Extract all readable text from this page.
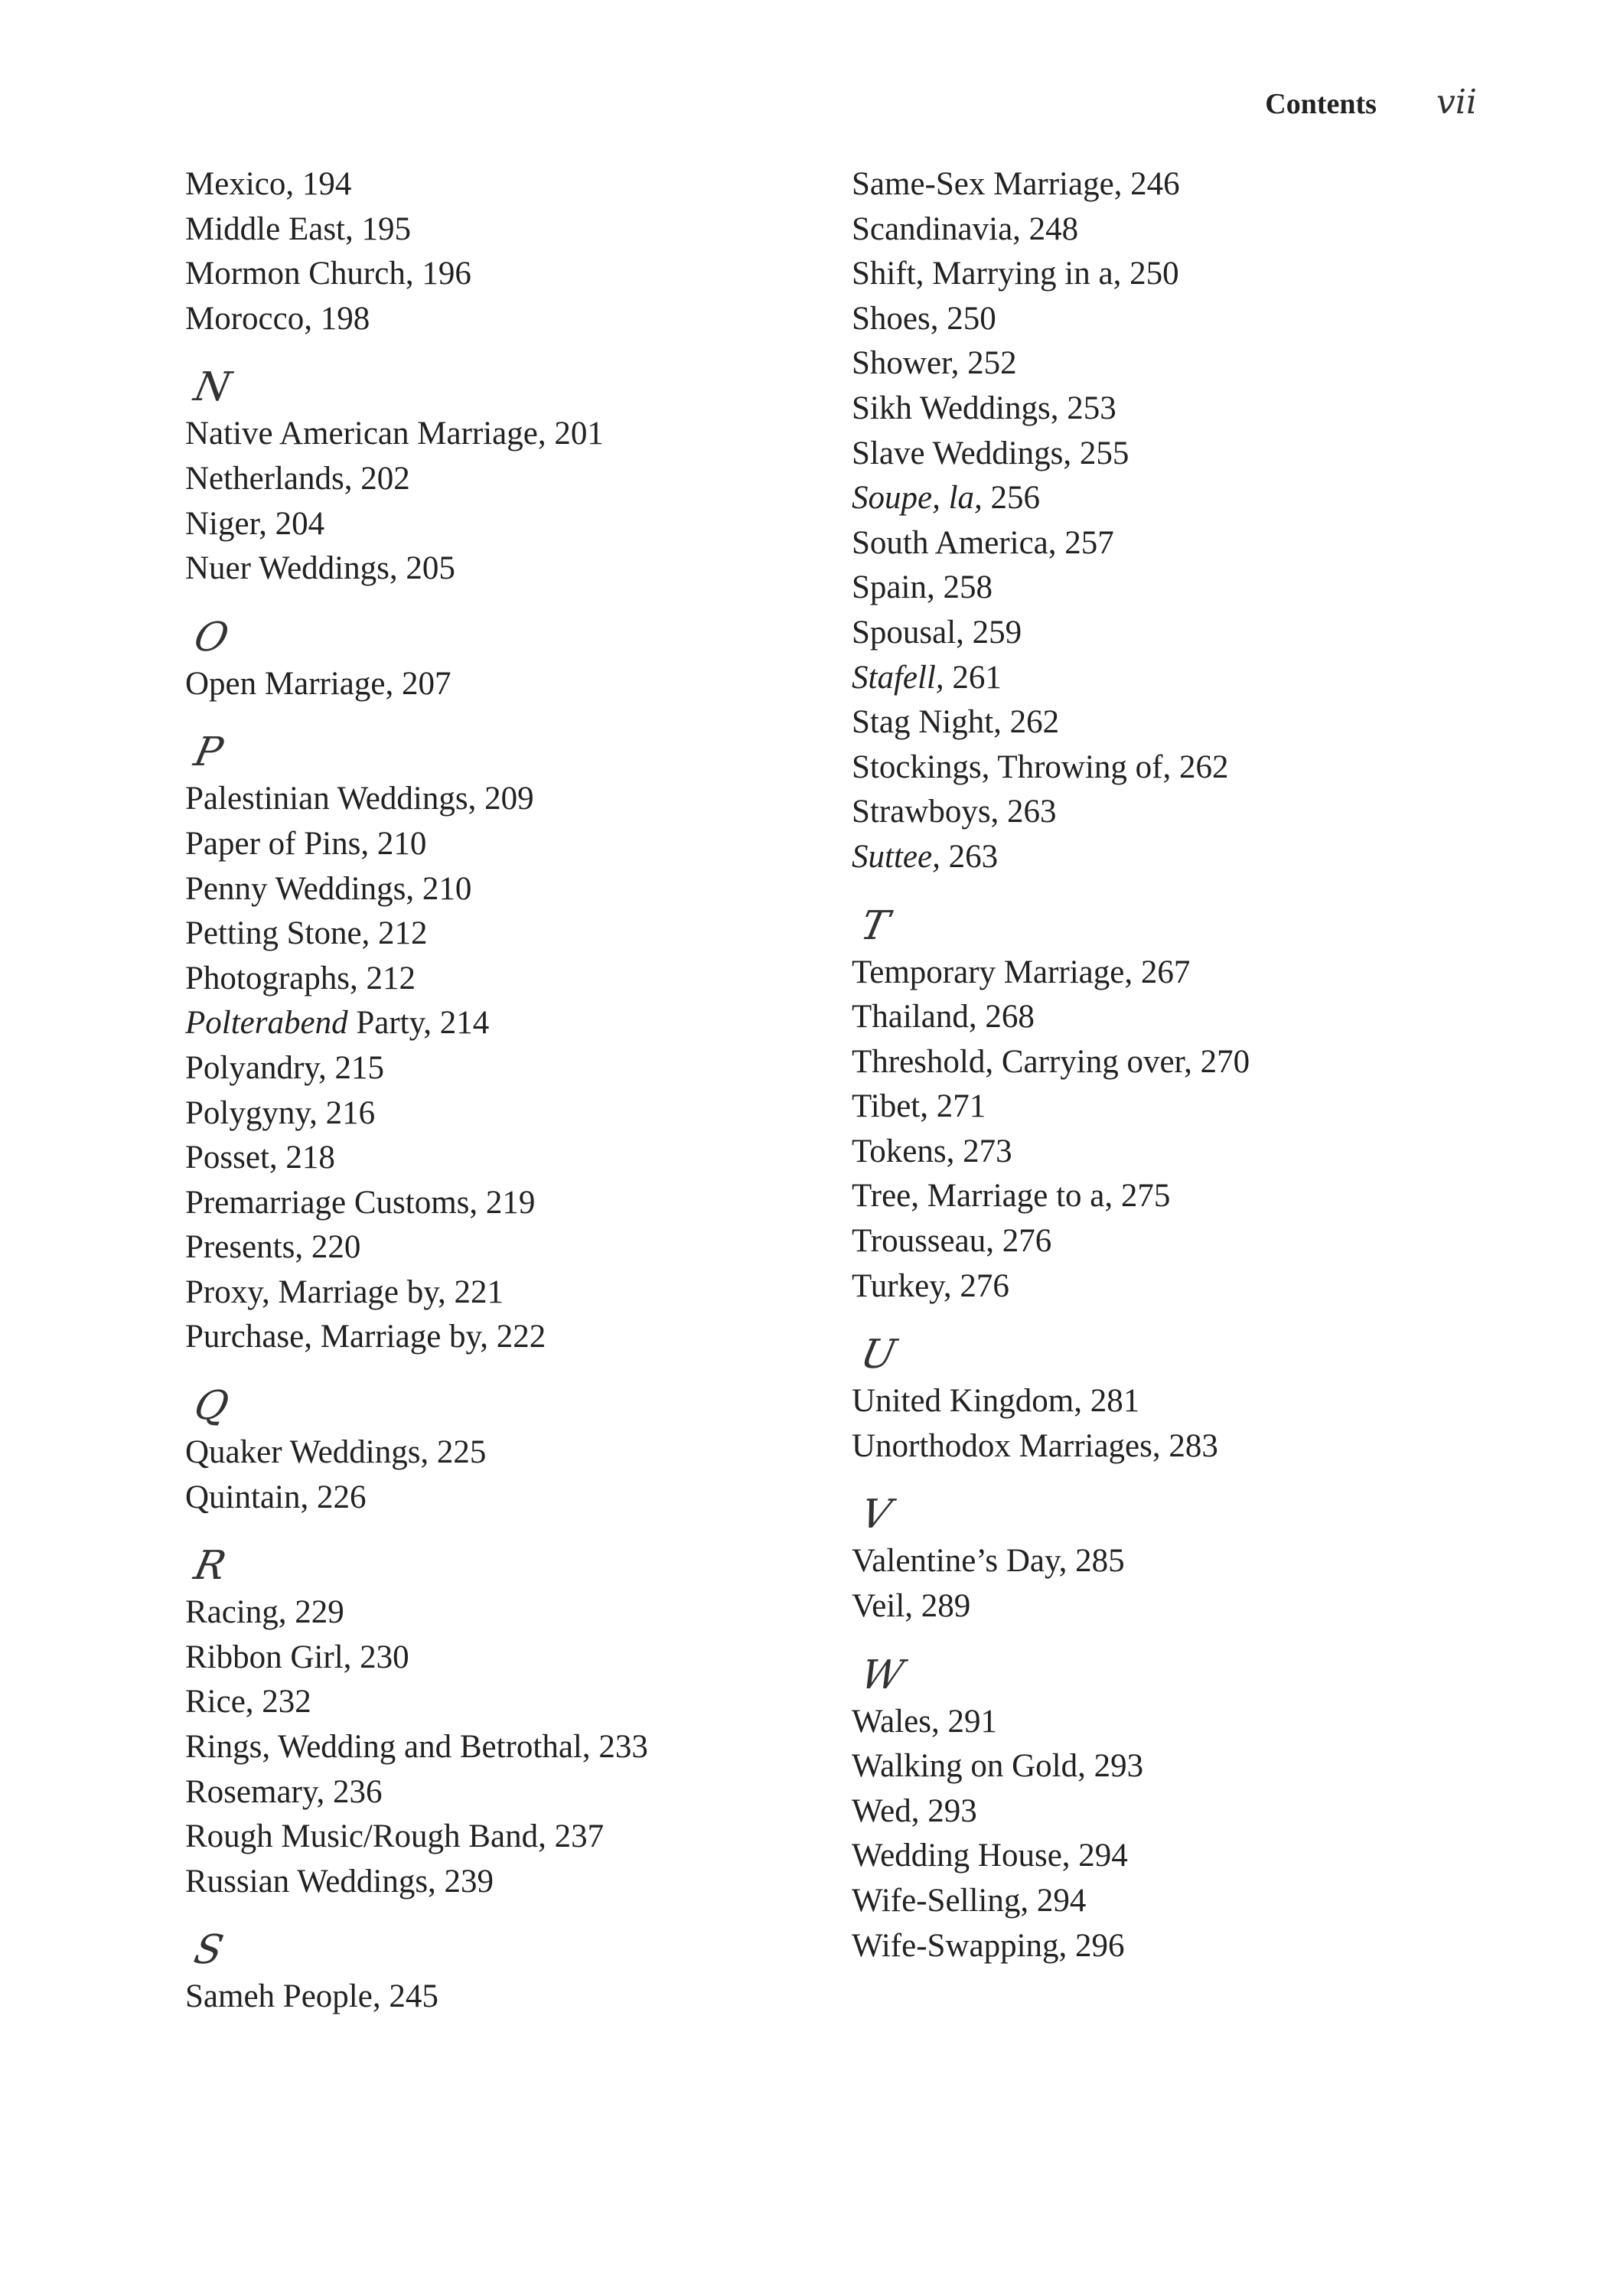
Contents vii
Mexico, 194
Middle East, 195
Mormon Church, 196
Morocco, 198
N
Native American Marriage, 201
Netherlands, 202
Niger, 204
Nuer Weddings, 205
O
Open Marriage, 207
P
Palestinian Weddings, 209
Paper of Pins, 210
Penny Weddings, 210
Petting Stone, 212
Photographs, 212
Polterabend Party, 214
Polyandry, 215
Polygyny, 216
Posset, 218
Premarriage Customs, 219
Presents, 220
Proxy, Marriage by, 221
Purchase, Marriage by, 222
Q
Quaker Weddings, 225
Quintain, 226
R
Racing, 229
Ribbon Girl, 230
Rice, 232
Rings, Wedding and Betrothal, 233
Rosemary, 236
Rough Music/Rough Band, 237
Russian Weddings, 239
S
Sameh People, 245
Same-Sex Marriage, 246
Scandinavia, 248
Shift, Marrying in a, 250
Shoes, 250
Shower, 252
Sikh Weddings, 253
Slave Weddings, 255
Soupe, la, 256
South America, 257
Spain, 258
Spousal, 259
Stafell, 261
Stag Night, 262
Stockings, Throwing of, 262
Strawboys, 263
Suttee, 263
T
Temporary Marriage, 267
Thailand, 268
Threshold, Carrying over, 270
Tibet, 271
Tokens, 273
Tree, Marriage to a, 275
Trousseau, 276
Turkey, 276
U
United Kingdom, 281
Unorthodox Marriages, 283
V
Valentine’s Day, 285
Veil, 289
W
Wales, 291
Walking on Gold, 293
Wed, 293
Wedding House, 294
Wife-Selling, 294
Wife-Swapping, 296
